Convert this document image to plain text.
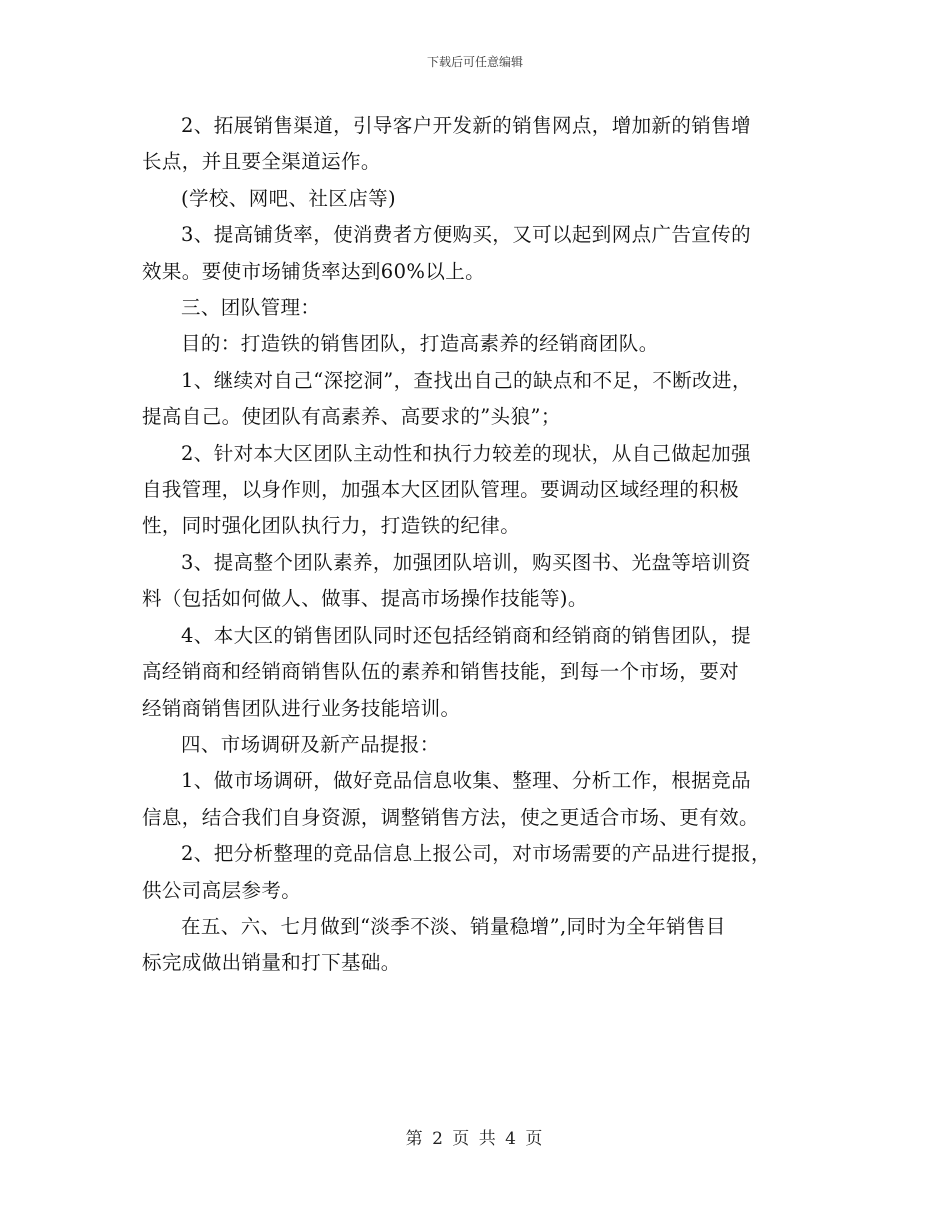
下载后可任意编辑

2、拓展销售渠道，引导客户开发新的销售网点，增加新的销售增
长点，并且要全渠道运作。

(学校、网吧、社区店等)

3、提高铺货率，使消费者方便购买，又可以起到网点广告宣传的
效果。要使市场铺货率达到60%以上。

三、团队管理：

目的：打造铁的销售团队，打造高素养的经销商团队。

1、继续对自己“深挖洞”，查找出自己的缺点和不足，不断改进，
提高自己。使团队有高素养、高要求的”头狼”；

2、针对本大区团队主动性和执行力较差的现状，从自己做起加强
自我管理，以身作则，加强本大区团队管理。要调动区域经理的积极
性，同时强化团队执行力，打造铁的纪律。

3、提高整个团队素养，加强团队培训，购买图书、光盘等培训资
料（包括如何做人、做事、提高市场操作技能等)。

4、本大区的销售团队同时还包括经销商和经销商的销售团队，提
高经销商和经销商销售队伍的素养和销售技能，到每一个市场，要对
经销商销售团队进行业务技能培训。

四、市场调研及新产品提报：

1、做市场调研，做好竞品信息收集、整理、分析工作，根据竞品
信息，结合我们自身资源，调整销售方法，使之更适合市场、更有效。

2、把分析整理的竞品信息上报公司，对市场需要的产品进行提报，
供公司高层参考。

在五、六、七月做到“淡季不淡、销量稳增”,同时为全年销售目
标完成做出销量和打下基础。

第 2 页 共 4 页
